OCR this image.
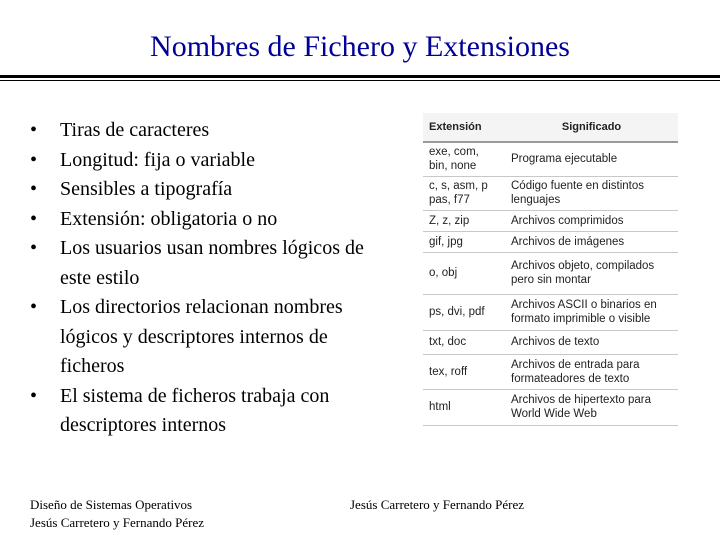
Nombres de Fichero y Extensiones
• Tiras de caracteres
• Longitud: fija o variable
• Sensibles a tipografía
• Extensión: obligatoria o no
• Los usuarios usan nombres lógicos de este estilo
• Los directorios relacionan nombres lógicos y descriptores internos de ficheros
• El sistema de ficheros trabaja con descriptores internos
Extensión	Significado
exe, com, bin, none	Programa ejecutable
c, s, asm, p pas, f77	Código fuente en distintos lenguajes
Z, z, zip	Archivos comprimidos
gif, jpg	Archivos de imágenes
o, obj	Archivos objeto, compilados pero sin montar
ps, dvi, pdf	Archivos ASCII o binarios en formato imprimible o visible
txt, doc	Archivos de texto
tex, roff	Archivos de entrada para formateadores de texto
html	Archivos de hipertexto para World Wide Web
Diseño de Sistemas Operativos
Jesús Carretero y Fernando Pérez
Jesús Carretero y Fernando Pérez
